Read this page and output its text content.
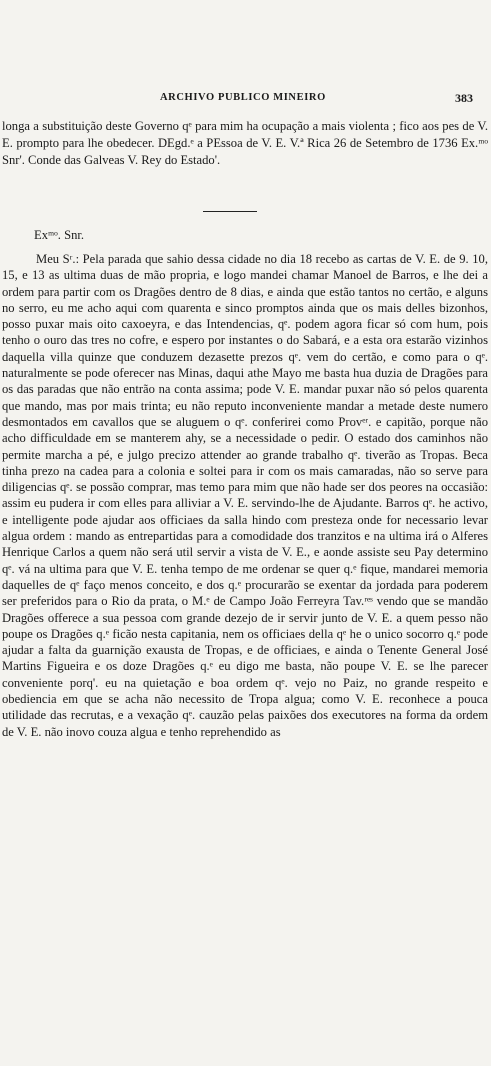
ARCHIVO PUBLICO MINEIRO	383

longa a substituição deste Governo qᵉ para mim ha ocupação a mais violenta ; fico aos pes de V. E. prompto para lhe obedecer. DEgd.ᵉ a PEssoa de V. E. V.ª Rica 26 de Setembro de 1736 Ex.ᵐᵒ Snr'. Conde das Galveas V. Rey do Estado'.

Exᵐᵒ. Snr.

Meu Sʳ.: Pela parada que sahio dessa cidade no dia 18 recebo as cartas de V. E. de 9. 10, 15, e 13 as ultima duas de mão propria, e logo mandei chamar Manoel de Barros, e lhe dei a ordem para partir com os Dragões dentro de 8 dias, e ainda que estão tantos no certão, e alguns no serro, eu me acho aqui com quarenta e sinco promptos ainda que os mais delles bizonhos, posso puxar mais oito caxoeyra, e das Intendencias, qᵉ. podem agora ficar só com hum, pois tenho o ouro das tres no cofre, e espero por instantes o do Sabará, e a esta ora estarão vizinhos daquella villa quinze que conduzem dezasette prezos qᵉ. vem do certão, e como para o qᵉ. naturalmente se pode oferecer nas Minas, daqui athe Mayo me basta hua duzia de Dragões para os das paradas que não entrão na conta assima; pode V. E. mandar puxar não só pelos quarenta que mando, mas por mais trinta; eu não reputo inconveniente mandar a metade deste numero desmontados em cavallos que se aluguem o qᵉ. conferirei como Provᵉʳ. e capitão, porque não acho difficuldade em se manterem ahy, se a necessidade o pedir. O estado dos caminhos não permite marcha a pé, e julgo precizo attender ao grande trabalho qᵉ. tiverão as Tropas. Beca tinha prezo na cadea para a colonia e soltei para ir com os mais camaradas, não so serve para diligencias qᵉ. se possão comprar, mas temo para mim que não hade ser dos peores na occasião: assim eu pudera ir com elles para alliviar a V. E. servindo-lhe de Ajudante. Barros qᵉ. he activo, e intelligente pode ajudar aos officiaes da salla hindo com presteza onde for necessario levar algua ordem : mando as entrepartidas para a comodidade dos tranzitos e na ultima irá o Alferes Henrique Carlos a quem não será util servir a vista de V. E., e aonde assiste seu Pay determino qᵉ. vá na ultima para que V. E. tenha tempo de me ordenar se quer q.ᵉ fique, mandarei memoria daquelles de qᵉ faço menos conceito, e dos q.ᵉ procurarão se exentar da jordada para poderem ser preferidos para o Rio da prata, o M.ᵉ de Campo João Ferreyra Tav.ʳᵉˢ vendo que se mandão Dragões offerece a sua pessoa com grande dezejo de ir servir junto de V. E. a quem pesso não poupe os Dragões q.ᵉ ficão nesta capitania, nem os officiaes della qᵉ he o unico socorro q.ᵉ pode ajudar a falta da guarnição exausta de Tropas, e de officiaes, e ainda o Tenente General José Martins Figueira e os doze Dragões q.ᵉ eu digo me basta, não poupe V. E. se lhe parecer conveniente porq'. eu na quietação e boa ordem qᵉ. vejo no Paiz, no grande respeito e obediencia em que se acha não necessito de Tropa algua; como V. E. reconhece a pouca utilidade das recrutas, e a vexação qᵉ. cauzão pelas paixões dos executores na forma da ordem de V. E. não inovo couza algua e tenho reprehendido as
